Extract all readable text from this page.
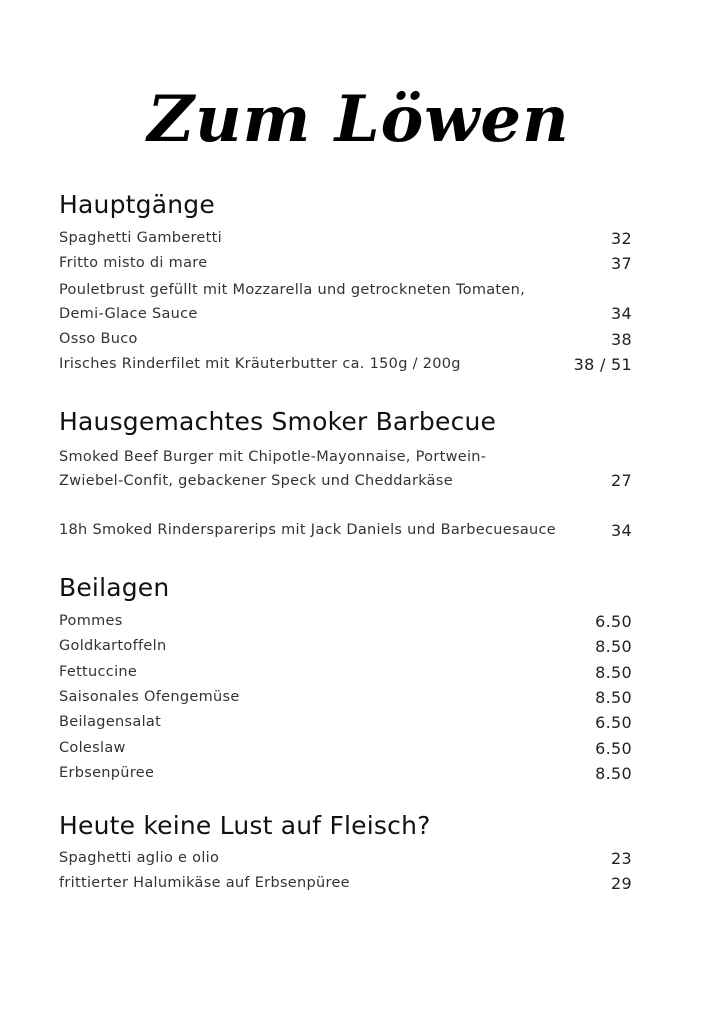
Zum Löwen
Hauptgänge
Spaghetti Gamberetti	32
Fritto misto di mare	37
Pouletbrust gefüllt mit Mozzarella und getrockneten Tomaten, Demi-Glace Sauce	34
Osso Buco	38
Irisches Rinderfilet mit Kräuterbutter ca. 150g / 200g	38 / 51
Hausgemachtes Smoker Barbecue
Smoked Beef Burger mit Chipotle-Mayonnaise, Portwein-Zwiebel-Confit, gebackener Speck und Cheddarkäse	27
18h Smoked Rindersparerips mit Jack Daniels und Barbecuesauce	34
Beilagen
Pommes	6.50
Goldkartoffeln	8.50
Fettuccine	8.50
Saisonales Ofengemüse	8.50
Beilagensalat	6.50
Coleslaw	6.50
Erbsenpüree	8.50
Heute keine Lust auf Fleisch?
Spaghetti aglio e olio	23
frittierter Halumikäse auf Erbsenpüree	29
